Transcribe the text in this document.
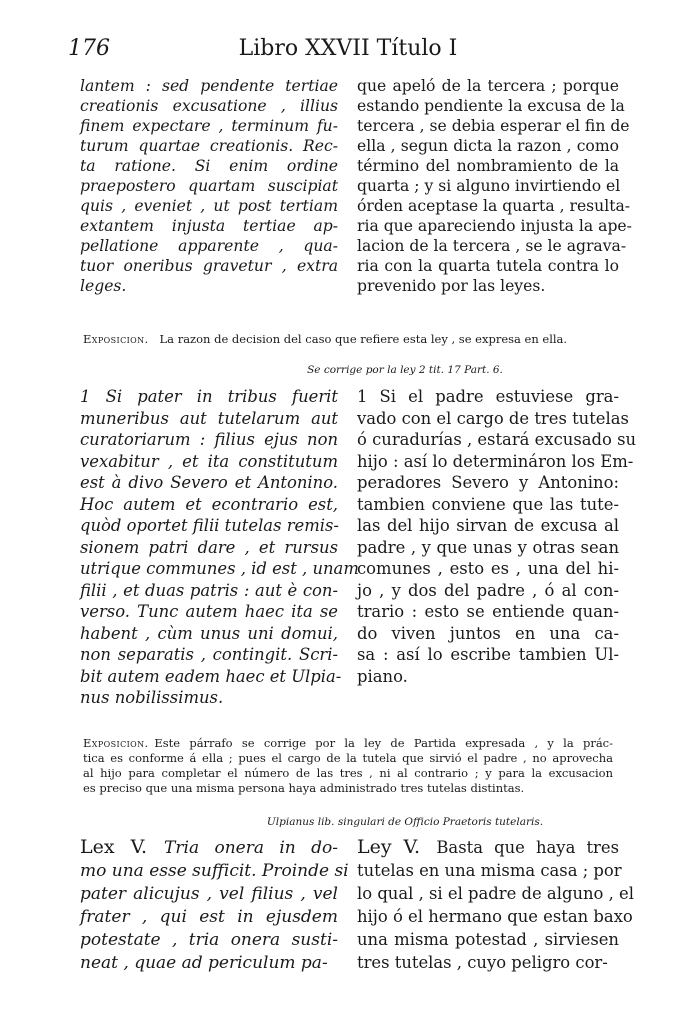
176	Libro XXVII Título I
lantem : sed pendente tertiae
creationis excusatione , illius
finem expectare , terminum fu-
turum quartae creationis. Rec-
ta ratione. Si enim ordine
praepostero quartam suscipiat
quis , eveniet , ut post tertiam
extantem injusta tertiae ap-
pellatione apparente , qua-
tuor oneribus gravetur , extra
leges.
que apeló de la tercera ; porque
estando pendiente la excusa de la
tercera , se debia esperar el fin de
ella , segun dicta la razon , como
término del nombramiento de la
quarta ; y si alguno invirtiendo el
órden aceptase la quarta , resulta-
ria que apareciendo injusta la ape-
lacion de la tercera , se le agrava-
ria con la quarta tutela contra lo
prevenido por las leyes.
Exposicion. La razon de decision del caso que refiere esta ley , se expresa en ella.
Se corrige por la ley 2 tit. 17 Part. 6.
1 Si pater in tribus fuerit
muneribus aut tutelarum aut
curatoriarum : filius ejus non
vexabitur , et ita constitutum
est à divo Severo et Antonino.
Hoc autem et econtrario est,
quòd oportet filii tutelas remis-
sionem patri dare , et rursus
utrique communes , id est , unam
filii , et duas patris : aut è con-
verso. Tunc autem haec ita se
habent , cùm unus uni domui,
non separatis , contingit. Scri-
bit autem eadem haec et Ulpia-
nus nobilissimus.
1 Si el padre estuviese gra-
vado con el cargo de tres tutelas
ó curadurías , estará excusado su
hijo : así lo determináron los Em-
peradores Severo y Antonino:
tambien conviene que las tute-
las del hijo sirvan de excusa al
padre , y que unas y otras sean
comunes , esto es , una del hi-
jo , y dos del padre , ó al con-
trario : esto se entiende quan-
do viven juntos en una ca-
sa : así lo escribe tambien Ul-
piano.
Exposicion. Este párrafo se corrige por la ley de Partida expresada , y la prác-
tica es conforme á ella ; pues el cargo de la tutela que sirvió el padre , no aprovecha
al hijo para completar el número de las tres , ni al contrario ; y para la excusacion
es preciso que una misma persona haya administrado tres tutelas distintas.
Ulpianus lib. singulari de Officio Praetoris tutelaris.
Lex V. Tria onera in do-
mo una esse sufficit. Proinde si
pater alicujus , vel filius , vel
frater , qui est in ejusdem
potestate , tria onera susti-
neat , quae ad periculum pa-
Ley V. Basta que haya tres
tutelas en una misma casa ; por
lo qual , si el padre de alguno , el
hijo ó el hermano que estan baxo
una misma potestad , sirviesen
tres tutelas , cuyo peligro cor-
